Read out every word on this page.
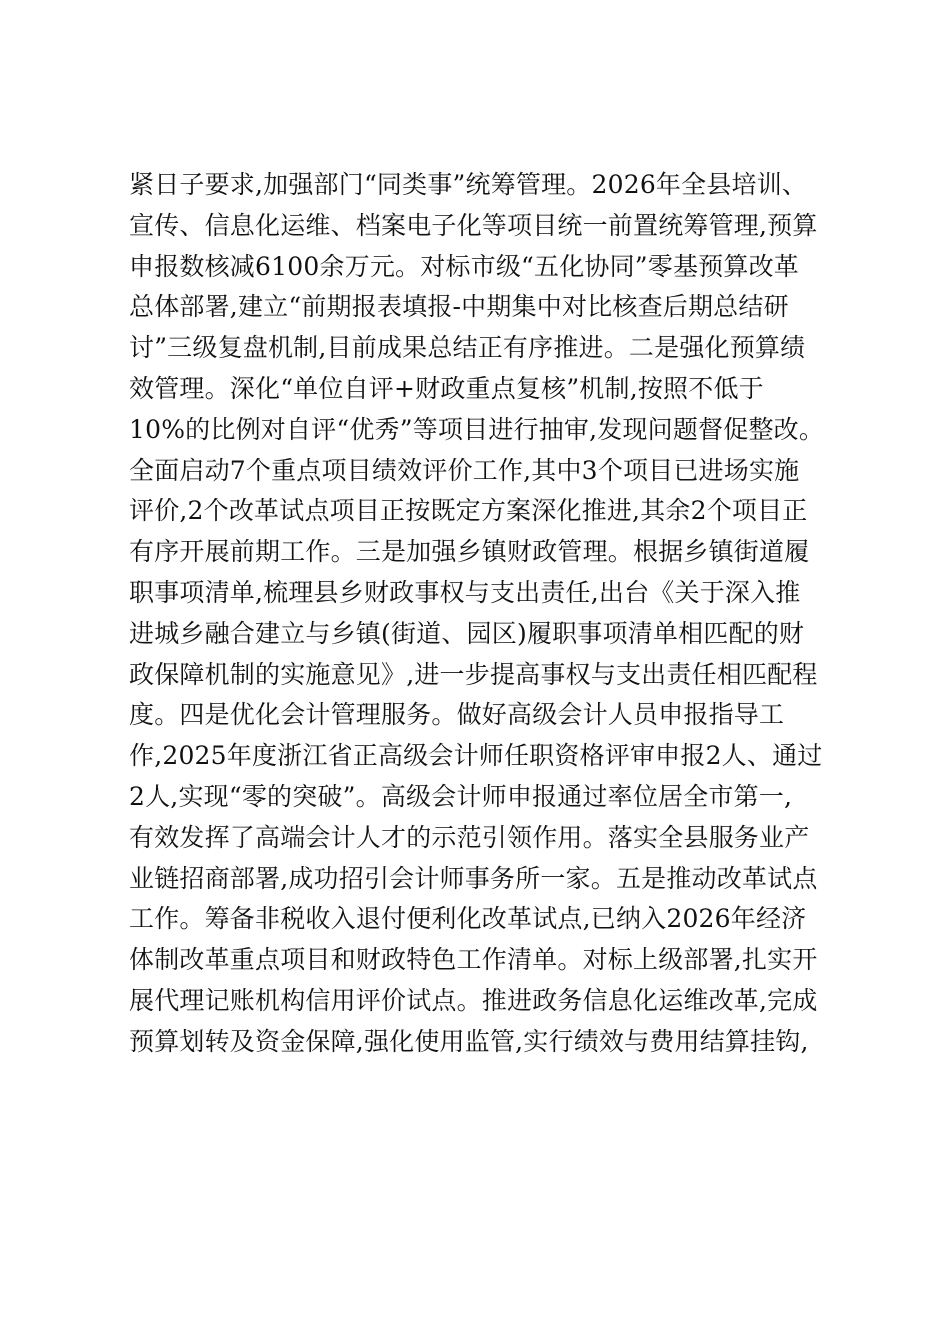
紧日子要求,加强部门“同类事”统筹管理。2026年全县培训、
宣传、信息化运维、档案电子化等项目统一前置统筹管理,预算
申报数核减6100余万元。对标市级“五化协同”零基预算改革
总体部署,建立“前期报表填报-中期集中对比核查后期总结研
讨”三级复盘机制,目前成果总结正有序推进。二是强化预算绩
效管理。深化“单位自评+财政重点复核”机制,按照不低于
10%的比例对自评“优秀”等项目进行抽审,发现问题督促整改。
全面启动7个重点项目绩效评价工作,其中3个项目已进场实施
评价,2个改革试点项目正按既定方案深化推进,其余2个项目正
有序开展前期工作。三是加强乡镇财政管理。根据乡镇街道履
职事项清单,梳理县乡财政事权与支出责任,出台《关于深入推
进城乡融合建立与乡镇(街道、园区)履职事项清单相匹配的财
政保障机制的实施意见》,进一步提高事权与支出责任相匹配程
度。四是优化会计管理服务。做好高级会计人员申报指导工
作,2025年度浙江省正高级会计师任职资格评审申报2人、通过
2人,实现“零的突破”。高级会计师申报通过率位居全市第一,
有效发挥了高端会计人才的示范引领作用。落实全县服务业产
业链招商部署,成功招引会计师事务所一家。五是推动改革试点
工作。筹备非税收入退付便利化改革试点,已纳入2026年经济
体制改革重点项目和财政特色工作清单。对标上级部署,扎实开
展代理记账机构信用评价试点。推进政务信息化运维改革,完成
预算划转及资金保障,强化使用监管,实行绩效与费用结算挂钩,
